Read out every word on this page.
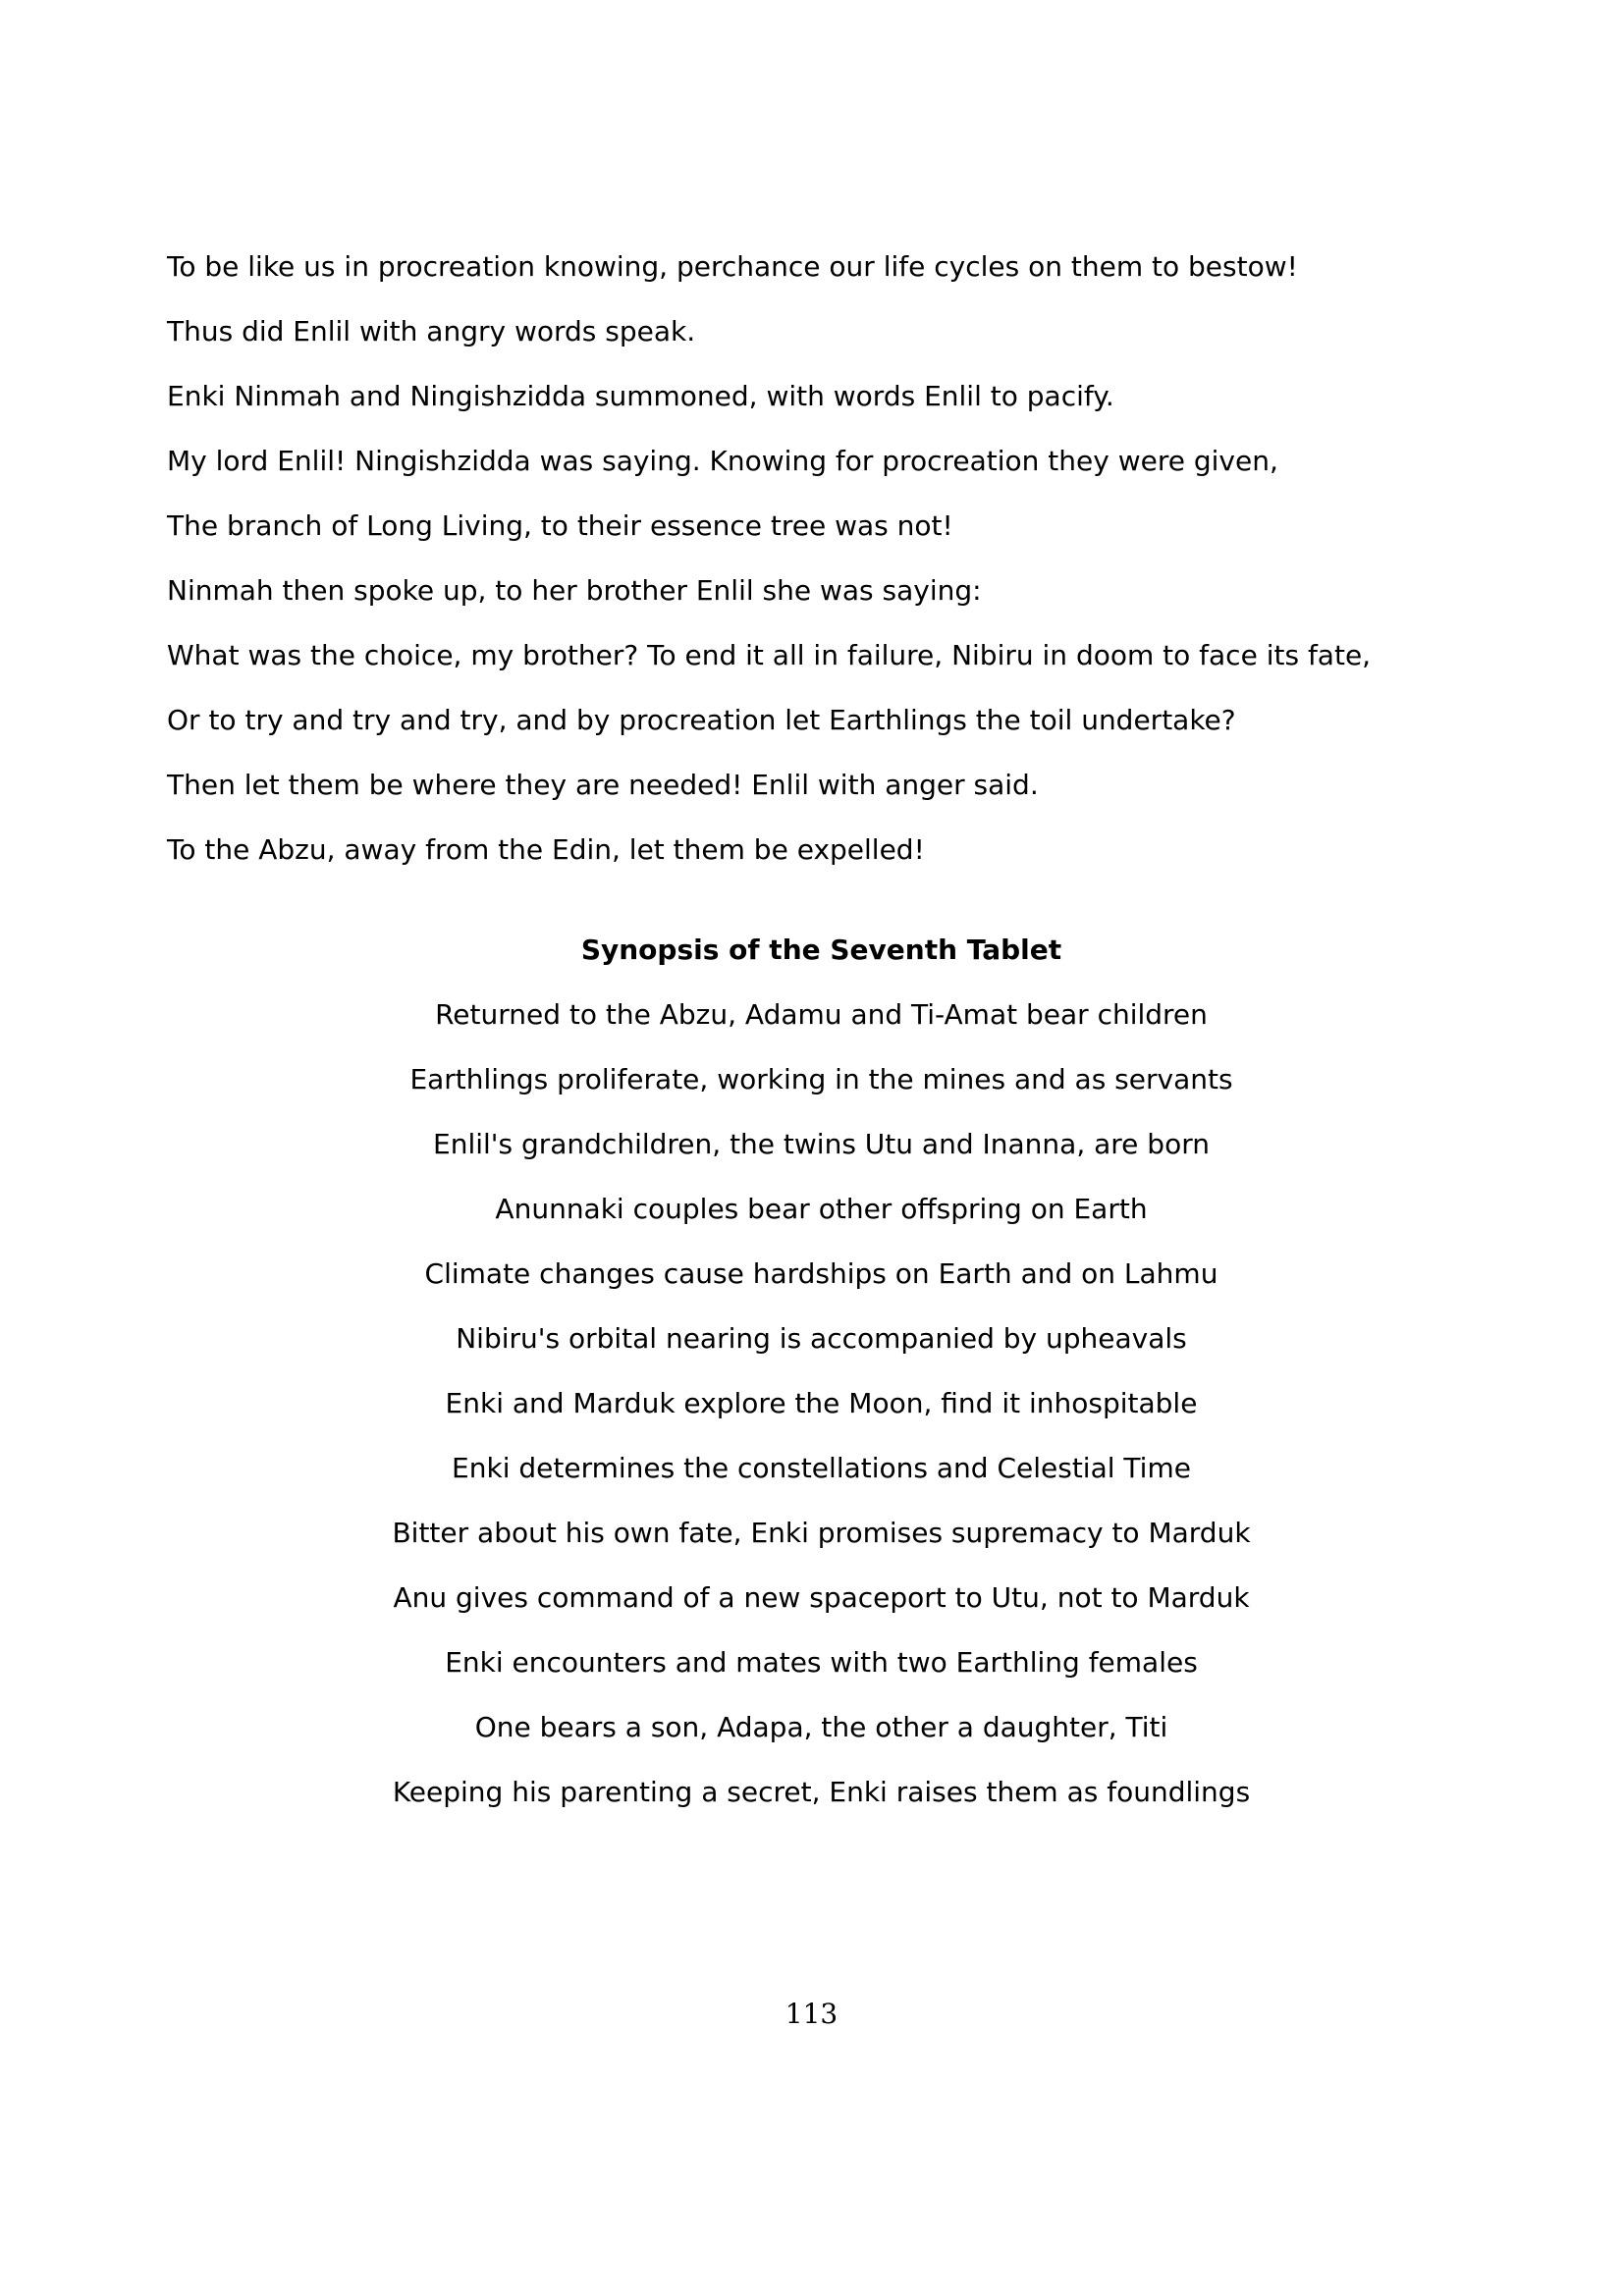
To be like us in procreation knowing, perchance our life cycles on them to bestow!
Thus did Enlil with angry words speak.
Enki Ninmah and Ningishzidda summoned, with words Enlil to pacify.
My lord Enlil! Ningishzidda was saying. Knowing for procreation they were given,
The branch of Long Living, to their essence tree was not!
Ninmah then spoke up, to her brother Enlil she was saying:
What was the choice, my brother? To end it all in failure, Nibiru in doom to face its fate,
Or to try and try and try, and by procreation let Earthlings the toil undertake?
Then let them be where they are needed! Enlil with anger said.
To the Abzu, away from the Edin, let them be expelled!
Synopsis of the Seventh Tablet
Returned to the Abzu, Adamu and Ti-Amat bear children
Earthlings proliferate, working in the mines and as servants
Enlil's grandchildren, the twins Utu and Inanna, are born
Anunnaki couples bear other offspring on Earth
Climate changes cause hardships on Earth and on Lahmu
Nibiru's orbital nearing is accompanied by upheavals
Enki and Marduk explore the Moon, find it inhospitable
Enki determines the constellations and Celestial Time
Bitter about his own fate, Enki promises supremacy to Marduk
Anu gives command of a new spaceport to Utu, not to Marduk
Enki encounters and mates with two Earthling females
One bears a son, Adapa, the other a daughter, Titi
Keeping his parenting a secret, Enki raises them as foundlings
113
